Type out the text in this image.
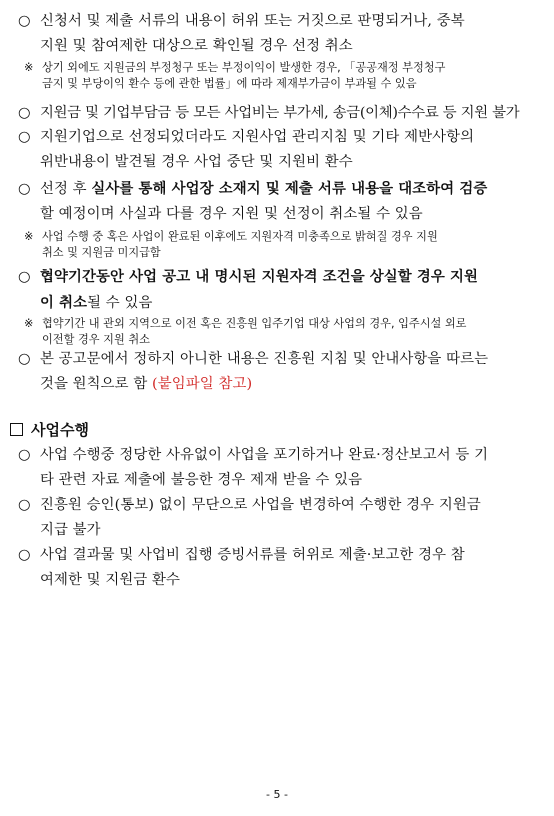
○ 신청서 및 제출 서류의 내용이 허위 또는 거짓으로 판명되거나, 중복
지원 및 참여제한 대상으로 확인될 경우 선정 취소
※ 상기 외에도 지원금의 부정청구 또는 부정이익이 발생한 경우, 「공공재정 부정청구
금지 및 부당이익 환수 등에 관한 법률」에 따라 제재부가금이 부과될 수 있음
○ 지원금 및 기업부담금 등 모든 사업비는 부가세, 송금(이체)수수료 등 지원 불가
○ 지원기업으로 선정되었더라도 지원사업 관리지침 및 기타 제반사항의
위반내용이 발견될 경우 사업 중단 및 지원비 환수
○ 선정 후 실사를 통해 사업장 소재지 및 제출 서류 내용을 대조하여 검증
할 예정이며 사실과 다를 경우 지원 및 선정이 취소될 수 있음
※ 사업 수행 중 혹은 사업이 완료된 이후에도 지원자격 미충족으로 밝혀질 경우 지원
취소 및 지원금 미지급함
○ 협약기간동안 사업 공고 내 명시된 지원자격 조건을 상실할 경우 지원
이 취소될 수 있음
※ 협약기간 내 관외 지역으로 이전 혹은 진흥원 입주기업 대상 사업의 경우, 입주시설 외로
이전할 경우 지원 취소
○ 본 공고문에서 정하지 아니한 내용은 진흥원 지침 및 안내사항을 따르는
것을 원칙으로 함 (붙임파일 참고)
사업수행
○ 사업 수행중 정당한 사유없이 사업을 포기하거나 완료·정산보고서 등 기
타 관련 자료 제출에 불응한 경우 제재 받을 수 있음
○ 진흥원 승인(통보) 없이 무단으로 사업을 변경하여 수행한 경우 지원금
지급 불가
○ 사업 결과물 및 사업비 집행 증빙서류를 허위로 제출·보고한 경우 참
여제한 및 지원금 환수
- 5 -
